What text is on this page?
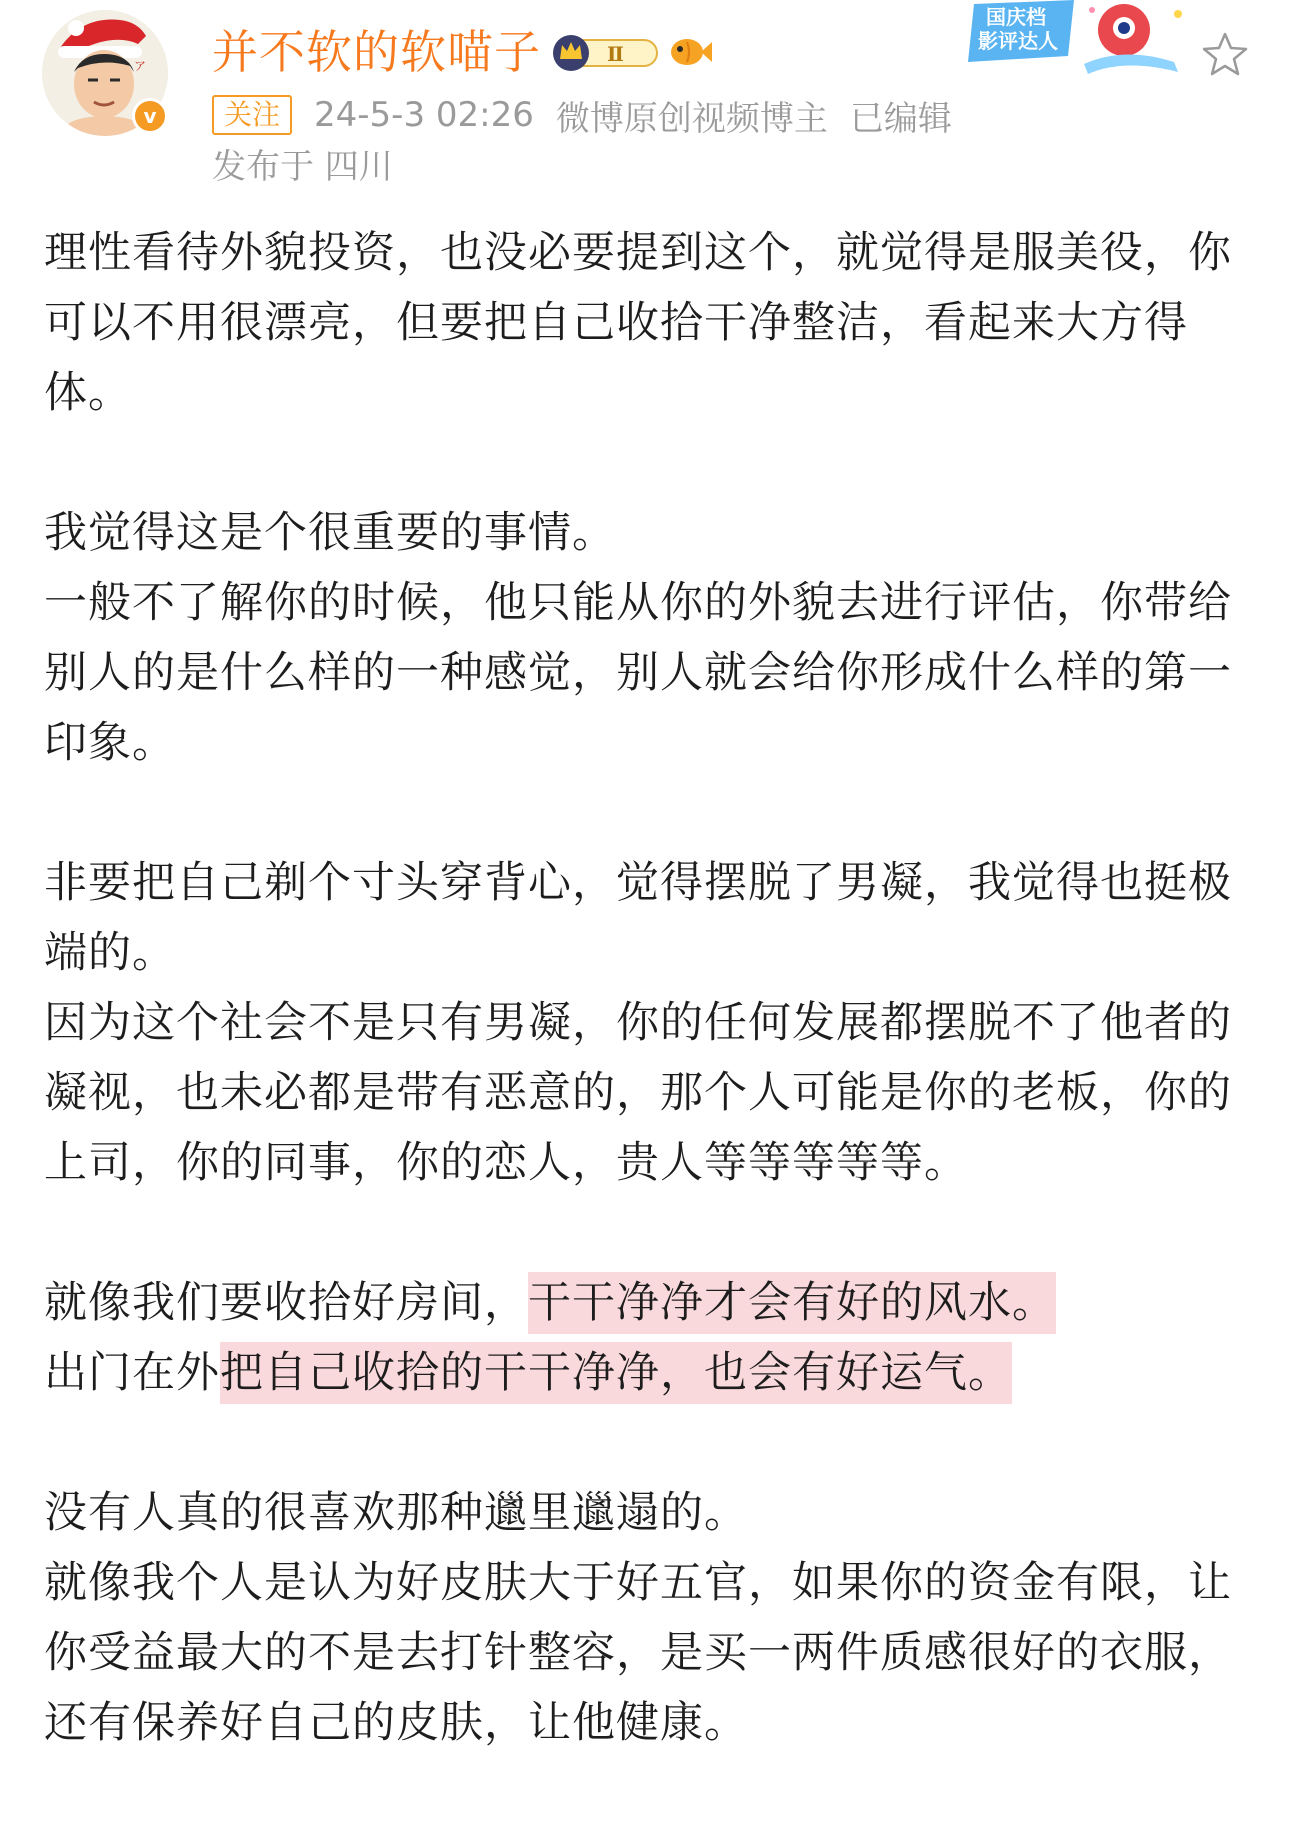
ア
v
并不软的软喵子	Ⅱ
关注	24-5-3 02:26 微博原创视频博主 已编辑
发布于 四川
国庆档
影评达人

理性看待外貌投资，也没必要提到这个，就觉得是服美役，你可以不用很漂亮，但要把自己收拾干净整洁，看起来大方得体。

我觉得这是个很重要的事情。

一般不了解你的时候，他只能从你的外貌去进行评估，你带给别人的是什么样的一种感觉，别人就会给你形成什么样的第一印象。

非要把自己剃个寸头穿背心，觉得摆脱了男凝，我觉得也挺极端的。

因为这个社会不是只有男凝，你的任何发展都摆脱不了他者的凝视，也未必都是带有恶意的，那个人可能是你的老板，你的上司，你的同事，你的恋人，贵人等等等等等。

就像我们要收拾好房间，干干净净才会有好的风水。

出门在外把自己收拾的干干净净，也会有好运气。

没有人真的很喜欢那种邋里邋遢的。

就像我个人是认为好皮肤大于好五官，如果你的资金有限，让你受益最大的不是去打针整容，是买一两件质感很好的衣服，还有保养好自己的皮肤，让他健康。
